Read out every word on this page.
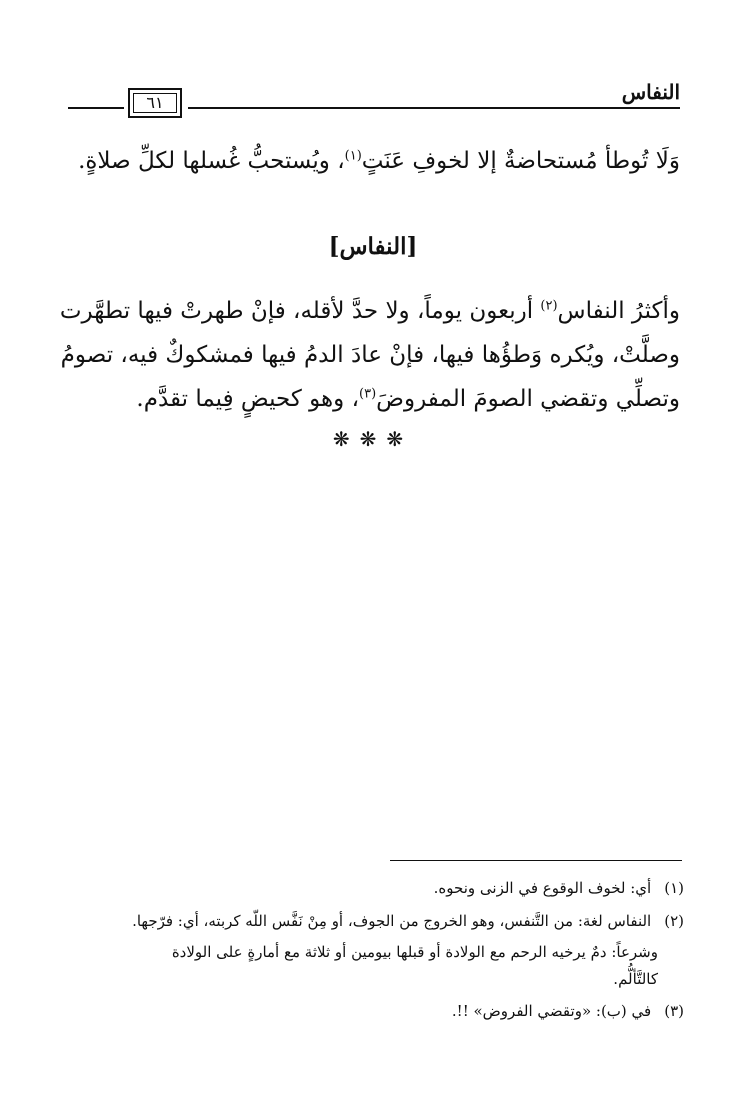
النفاس
٦١
وَلَا تُوطأ مُستحاضةٌ إلا لخوفِ عَنَتٍ$^{(١)}$، ويُستحبُّ غُسلها لكلِّ صلاةٍ.
[النفاس]
وأكثرُ النفاس$^{(٢)}$ أربعون يوماً، ولا حدَّ لأقله، فإنْ طهرتْ فيها تطهَّرت
وصلَّتْ، ويُكره وَطؤُها فيها، فإنْ عادَ الدمُ فيها فمشكوكٌ فيه، تصومُ
وتصلِّي وتقضي الصومَ المفروضَ$^{(٣)}$، وهو كحيضٍ فِيما تقدَّم.
❋❋❋
(١) أي: لخوف الوقوع في الزنى ونحوه.
(٢) النفاس لغة: من التَّنفس، وهو الخروج من الجوف، أو مِنْ نَفَّس اللّه كربته، أي: فرّجها.
وشرعاً: دمٌ يرخيه الرحم مع الولادة أو قبلها بيومين أو ثلاثة مع أمارةٍ على الولادة
كالتَّألُّم.
(٣) في (ب): «وتقضي الفروض» !!.
